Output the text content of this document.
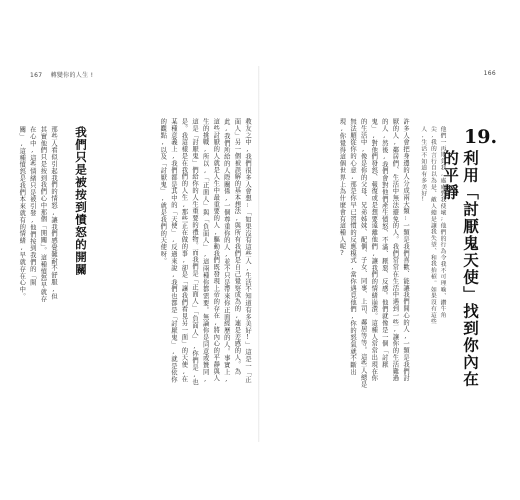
167 轉變你的人生 !	166
教友之中,我們很多人會想:「如果沒有這些人,生活不知道有多美好!」這是一「正面人」另一個被誤解的基本想法,與所有我們是自己覺察成為的,連是差感的人。為此,我們所給的人際關係,一個尊重你的人,並不只是帶來你正面經歷的人。事實上,這些討厭的人就是人生中最重要的人,驅動我們既發現上帝的存在,將內心的平靜與人生的挑戰,所以,「正面人」與「負面人」,這兩種你都需要。無論你是同意或贊同,這是「討厭鬼」們給你的人生重要的禮物。而我們是「正面人」「負面人」,你們是,也是。我這樣是在我們的人生,那些正在做的事,卻是「讓我們看見另一面」的天使,在某種意義上,我們都是其中的「天使」,反過來說,我們也都是「討厭鬼」,就是依你的觀點,以及「討厭鬼」,就是我們的天使呀。
我們只是被按到憤怒的開關
那些人看似引起我們的情怒,讓我們感覺難耐不舒服,但其實他們只是按到我們心中那個「開關」。這種憤怒早就存在心中,這些情緒只是被引發,他們按到我們的「開關」,這種憤怒是我們本來就有的情緒,早就存在心中。	19.
利用「討厭鬼天使」找到你內在的平靜
他們一再欺負我,處處對我使壞;他們的行為令我不可理喻、鑽牛角尖,我的言行自以為是、敵人總是讓我失望、和我抬槓。如果沒有這些人,生活不知道有多美好!
許多人會把身邊的人分成兩大類:一類是我們喜歡、能讓我們開心的人,一類是我們討厭的人,鄰居們、生活中無法避免的人。我們常常在生活中遇到一些,讓你的生活難過的人,然後,我們會對他們產生憤怒、不滿、厭惡、反感。他們就像是一個「討厭鬼」,對他們發怒、報復或是想要遠離他們,讓我們的情緒崩潰。這種人常常出現在你的生活中,像是你的父母、兄弟姊妹、配偶、子女、同事、上司、鄰居等等。這些人總是無法順從你的心意,那是你早已習慣的反應模式,當你遇見他們,你的怒氣就不斷出現,你覺得這個世界上為什麼會有這種人呢?
